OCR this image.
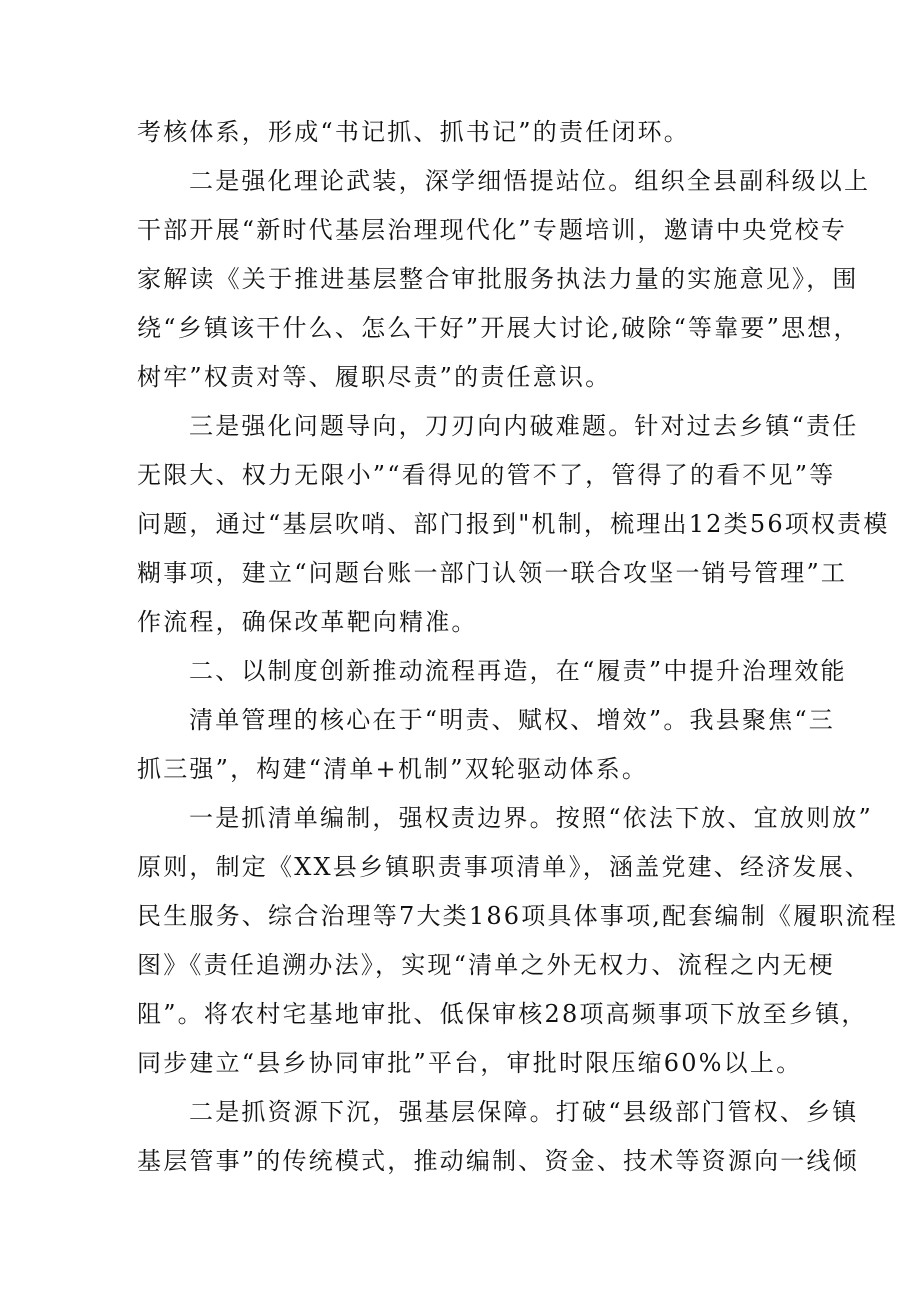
考核体系，形成“书记抓、抓书记”的责任闭环。
二是强化理论武装，深学细悟提站位。组织全县副科级以上
干部开展“新时代基层治理现代化”专题培训，邀请中央党校专
家解读《关于推进基层整合审批服务执法力量的实施意见》，围
绕“乡镇该干什么、怎么干好”开展大讨论,破除“等靠要”思想，
树牢”权责对等、履职尽责”的责任意识。
三是强化问题导向，刀刃向内破难题。针对过去乡镇“责任
无限大、权力无限小”“看得见的管不了，管得了的看不见”等
问题，通过“基层吹哨、部门报到"机制，梳理出12类56项权责模
糊事项，建立“问题台账一部门认领一联合攻坚一销号管理”工
作流程，确保改革靶向精准。
二、以制度创新推动流程再造，在“履责”中提升治理效能
清单管理的核心在于“明责、赋权、增效”。我县聚焦“三
抓三强”，构建“清单+机制”双轮驱动体系。
一是抓清单编制，强权责边界。按照“依法下放、宜放则放”
原则，制定《XX县乡镇职责事项清单》，涵盖党建、经济发展、
民生服务、综合治理等7大类186项具体事项,配套编制《履职流程
图》《责任追溯办法》，实现“清单之外无权力、流程之内无梗
阻”。将农村宅基地审批、低保审核28项高频事项下放至乡镇，
同步建立“县乡协同审批”平台，审批时限压缩60%以上。
二是抓资源下沉，强基层保障。打破“县级部门管权、乡镇
基层管事”的传统模式，推动编制、资金、技术等资源向一线倾
